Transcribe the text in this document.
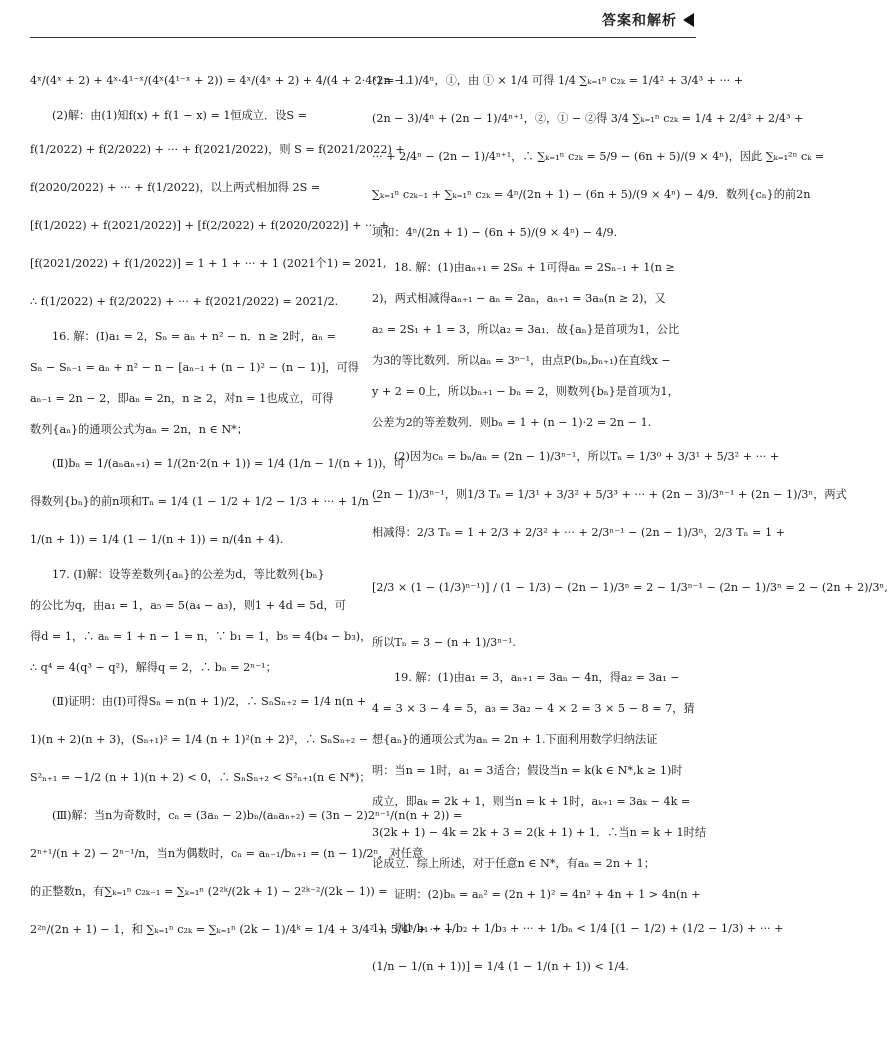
答案和解析
4ˣ/(4ˣ + 2) + 4ˣ·4¹⁻ˣ/(4ˣ(4¹⁻ˣ + 2)) = 4ˣ/(4ˣ + 2) + 4/(4 + 2·4ˣ) = 1.
(2)解：由(1)知f(x) + f(1 − x) = 1恒成立．设S =
f(1/2022) + f(2/2022) + ··· + f(2021/2022)，则 S = f(2021/2022) +
f(2020/2022) + ··· + f(1/2022)，以上两式相加得 2S =
[f(1/2022) + f(2021/2022)] + [f(2/2022) + f(2020/2022)] + ··· +
[f(2021/2022) + f(1/2022)] = 1 + 1 + ··· + 1 (2021个1) = 2021,
∴ f(1/2022) + f(2/2022) + ··· + f(2021/2022) = 2021/2.
16. 解：(Ⅰ)a₁ = 2，Sₙ = aₙ + n² − n．n ≥ 2时，aₙ =
Sₙ − Sₙ₋₁ = aₙ + n² − n − [aₙ₋₁ + (n − 1)² − (n − 1)]，可得
aₙ₋₁ = 2n − 2，即aₙ = 2n，n ≥ 2，对n = 1也成立，可得
数列{aₙ}的通项公式为aₙ = 2n，n ∈ N*；
(Ⅱ)bₙ = 1/(aₙaₙ₊₁) = 1/(2n·2(n + 1)) = 1/4 (1/n − 1/(n + 1))，可
得数列{bₙ}的前n项和Tₙ = 1/4 (1 − 1/2 + 1/2 − 1/3 + ··· + 1/n −
1/(n + 1)) = 1/4 (1 − 1/(n + 1)) = n/(4n + 4).
17. (Ⅰ)解：设等差数列{aₙ}的公差为d，等比数列{bₙ}
的公比为q，由a₁ = 1，a₅ = 5(a₄ − a₃)，则1 + 4d = 5d，可
得d = 1，∴ aₙ = 1 + n − 1 = n，∵ b₁ = 1，b₅ = 4(b₄ − b₃)，
∴ q⁴ = 4(q³ − q²)，解得q = 2，∴ bₙ = 2ⁿ⁻¹；
(Ⅱ)证明：由(Ⅰ)可得Sₙ = n(n + 1)/2，∴ SₙSₙ₊₂ = 1/4 n(n +
1)(n + 2)(n + 3)，(Sₙ₊₁)² = 1/4 (n + 1)²(n + 2)²，∴ SₙSₙ₊₂ −
S²ₙ₊₁ = −1/2 (n + 1)(n + 2) < 0，∴ SₙSₙ₊₂ < S²ₙ₊₁(n ∈ N*)；
(Ⅲ)解：当n为奇数时，cₙ = (3aₙ − 2)bₙ/(aₙaₙ₊₂) = (3n − 2)2ⁿ⁻¹/(n(n + 2)) =
2ⁿ⁺¹/(n + 2) − 2ⁿ⁻¹/n，当n为偶数时，cₙ = aₙ₋₁/bₙ₊₁ = (n − 1)/2ⁿ，对任意
的正整数n，有∑ₖ₌₁ⁿ c₂ₖ₋₁ = ∑ₖ₌₁ⁿ (2²ᵏ/(2k + 1) − 2²ᵏ⁻²/(2k − 1)) =
2²ⁿ/(2n + 1) − 1，和 ∑ₖ₌₁ⁿ c₂ₖ = ∑ₖ₌₁ⁿ (2k − 1)/4ᵏ = 1/4 + 3/4² + 5/4³ + ··· +
(2n − 1)/4ⁿ，①，由 ① × 1/4 可得 1/4 ∑ₖ₌₁ⁿ c₂ₖ = 1/4² + 3/4³ + ··· +
(2n − 3)/4ⁿ + (2n − 1)/4ⁿ⁺¹，②，① − ②得 3/4 ∑ₖ₌₁ⁿ c₂ₖ = 1/4 + 2/4² + 2/4³ +
··· + 2/4ⁿ − (2n − 1)/4ⁿ⁺¹，∴ ∑ₖ₌₁ⁿ c₂ₖ = 5/9 − (6n + 5)/(9 × 4ⁿ)，因此 ∑ₖ₌₁²ⁿ cₖ =
∑ₖ₌₁ⁿ c₂ₖ₋₁ + ∑ₖ₌₁ⁿ c₂ₖ = 4ⁿ/(2n + 1) − (6n + 5)/(9 × 4ⁿ) − 4/9．数列{cₙ}的前2n
项和：4ⁿ/(2n + 1) − (6n + 5)/(9 × 4ⁿ) − 4/9.
18. 解：(1)由aₙ₊₁ = 2Sₙ + 1可得aₙ = 2Sₙ₋₁ + 1(n ≥
2)，两式相减得aₙ₊₁ − aₙ = 2aₙ，aₙ₊₁ = 3aₙ(n ≥ 2)，又
a₂ = 2S₁ + 1 = 3，所以a₂ = 3a₁．故{aₙ}是首项为1，公比
为3的等比数列．所以aₙ = 3ⁿ⁻¹，由点P(bₙ,bₙ₊₁)在直线x −
y + 2 = 0上，所以bₙ₊₁ − bₙ = 2，则数列{bₙ}是首项为1，
公差为2的等差数列．则bₙ = 1 + (n − 1)·2 = 2n − 1.
(2)因为cₙ = bₙ/aₙ = (2n − 1)/3ⁿ⁻¹，所以Tₙ = 1/3⁰ + 3/3¹ + 5/3² + ··· +
(2n − 1)/3ⁿ⁻¹，则1/3 Tₙ = 1/3¹ + 3/3² + 5/3³ + ··· + (2n − 3)/3ⁿ⁻¹ + (2n − 1)/3ⁿ，两式
相减得：2/3 Tₙ = 1 + 2/3 + 2/3² + ··· + 2/3ⁿ⁻¹ − (2n − 1)/3ⁿ，2/3 Tₙ = 1 +
[2/3 × (1 − (1/3)ⁿ⁻¹)] / (1 − 1/3) − (2n − 1)/3ⁿ = 2 − 1/3ⁿ⁻¹ − (2n − 1)/3ⁿ = 2 − (2n + 2)/3ⁿ,
所以Tₙ = 3 − (n + 1)/3ⁿ⁻¹.
19. 解：(1)由a₁ = 3，aₙ₊₁ = 3aₙ − 4n，得a₂ = 3a₁ −
4 = 3 × 3 − 4 = 5，a₃ = 3a₂ − 4 × 2 = 3 × 5 − 8 = 7，猜
想{aₙ}的通项公式为aₙ = 2n + 1.下面利用数学归纳法证
明：当n = 1时，a₁ = 3适合；假设当n = k(k ∈ N*,k ≥ 1)时
成立，即aₖ = 2k + 1，则当n = k + 1时，aₖ₊₁ = 3aₖ − 4k =
3(2k + 1) − 4k = 2k + 3 = 2(k + 1) + 1．∴当n = k + 1时结
论成立．综上所述，对于任意n ∈ N*，有aₙ = 2n + 1；
证明：(2)bₙ = aₙ² = (2n + 1)² = 4n² + 4n + 1 > 4n(n +
1)，则1/b₁ + 1/b₂ + 1/b₃ + ··· + 1/bₙ < 1/4 [(1 − 1/2) + (1/2 − 1/3) + ··· +
(1/n − 1/(n + 1))] = 1/4 (1 − 1/(n + 1)) < 1/4.
